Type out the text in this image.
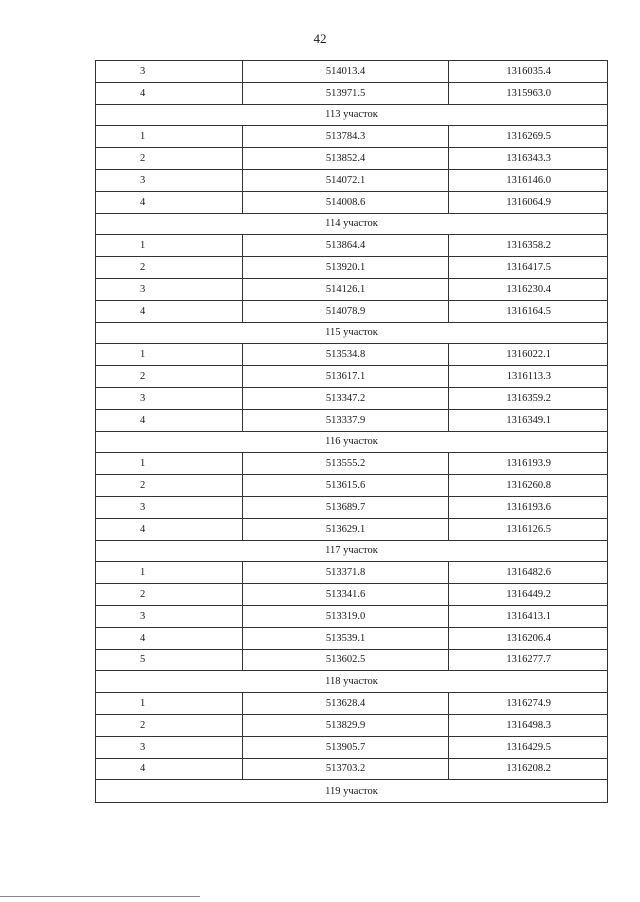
42
3	514013.4	1316035.4
4	513971.5	1315963.0
113 участок		
1	513784.3	1316269.5
2	513852.4	1316343.3
3	514072.1	1316146.0
4	514008.6	1316064.9
114 участок		
1	513864.4	1316358.2
2	513920.1	1316417.5
3	514126.1	1316230.4
4	514078.9	1316164.5
115 участок		
1	513534.8	1316022.1
2	513617.1	1316113.3
3	513347.2	1316359.2
4	513337.9	1316349.1
116 участок		
1	513555.2	1316193.9
2	513615.6	1316260.8
3	513689.7	1316193.6
4	513629.1	1316126.5
117 участок		
1	513371.8	1316482.6
2	513341.6	1316449.2
3	513319.0	1316413.1
4	513539.1	1316206.4
5	513602.5	1316277.7
118 участок		
1	513628.4	1316274.9
2	513829.9	1316498.3
3	513905.7	1316429.5
4	513703.2	1316208.2
119 участок		
